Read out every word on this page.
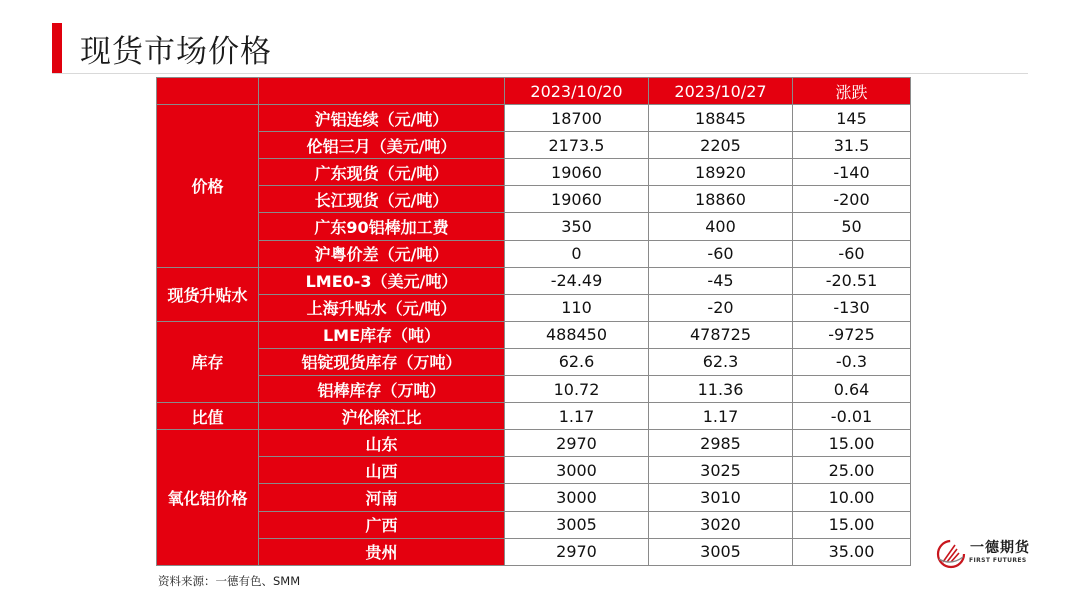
现货市场价格
		2023/10/20	2023/10/27	涨跌
价格	沪铝连续（元/吨）	18700	18845	145
	伦铝三月（美元/吨）	2173.5	2205	31.5
	广东现货（元/吨）	19060	18920	-140
	长江现货（元/吨）	19060	18860	-200
	广东90铝棒加工费	350	400	50
	沪粤价差（元/吨）	0	-60	-60
现货升贴水	LME0-3（美元/吨）	-24.49	-45	-20.51
	上海升贴水（元/吨）	110	-20	-130
库存	LME库存（吨）	488450	478725	-9725
	铝锭现货库存（万吨）	62.6	62.3	-0.3
	铝棒库存（万吨）	10.72	11.36	0.64
比值	沪伦除汇比	1.17	1.17	-0.01
氧化铝价格	山东	2970	2985	15.00
	山西	3000	3025	25.00
	河南	3000	3010	10.00
	广西	3005	3020	15.00
	贵州	2970	3005	35.00
资料来源：一德有色、SMM
一德期货
FIRST FUTURES
